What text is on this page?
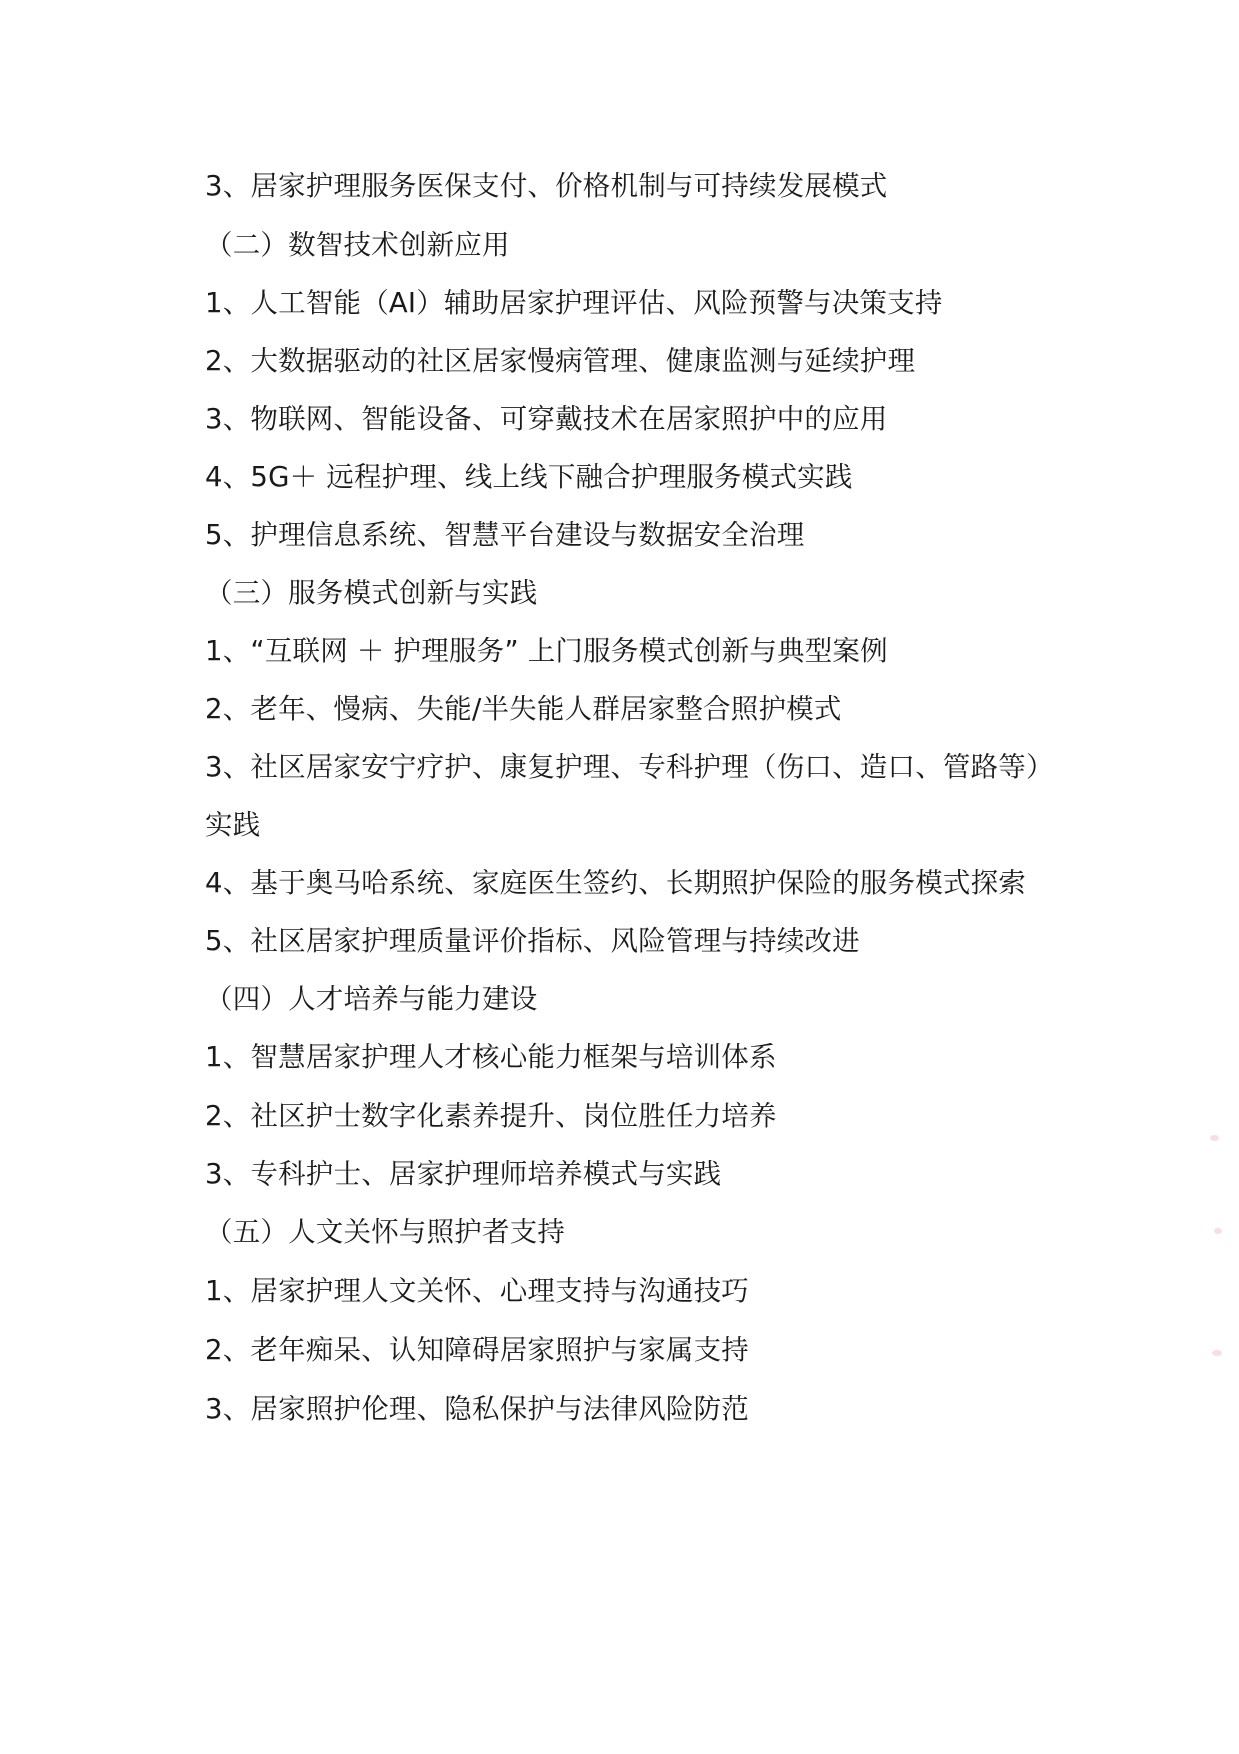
3、居家护理服务医保支付、价格机制与可持续发展模式
（二）数智技术创新应用
1、人工智能（AI）辅助居家护理评估、风险预警与决策支持
2、大数据驱动的社区居家慢病管理、健康监测与延续护理
3、物联网、智能设备、可穿戴技术在居家照护中的应用
4、5G＋ 远程护理、线上线下融合护理服务模式实践
5、护理信息系统、智慧平台建设与数据安全治理
（三）服务模式创新与实践
1、“互联网 ＋ 护理服务” 上门服务模式创新与典型案例
2、老年、慢病、失能/半失能人群居家整合照护模式
3、社区居家安宁疗护、康复护理、专科护理（伤口、造口、管路等）
实践
4、基于奥马哈系统、家庭医生签约、长期照护保险的服务模式探索
5、社区居家护理质量评价指标、风险管理与持续改进
（四）人才培养与能力建设
1、智慧居家护理人才核心能力框架与培训体系
2、社区护士数字化素养提升、岗位胜任力培养
3、专科护士、居家护理师培养模式与实践
（五）人文关怀与照护者支持
1、居家护理人文关怀、心理支持与沟通技巧
2、老年痴呆、认知障碍居家照护与家属支持
3、居家照护伦理、隐私保护与法律风险防范
